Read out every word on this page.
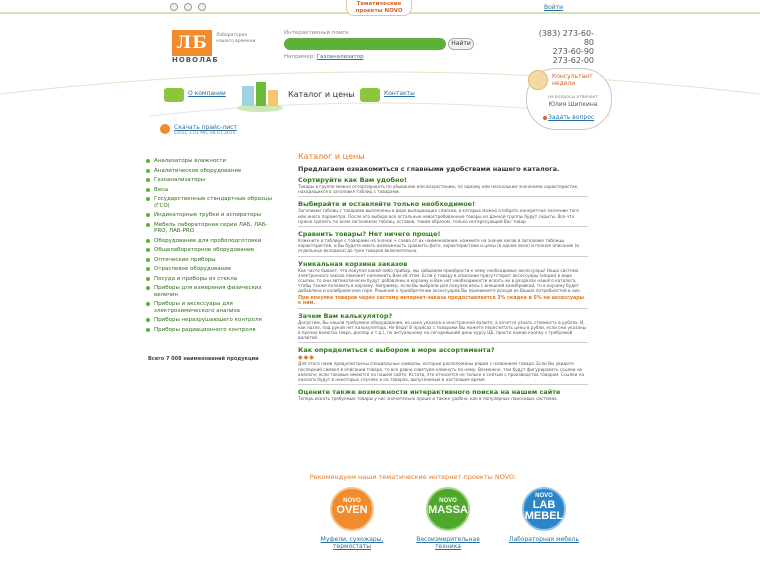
Тематические проекты NOVO	Войти
ЛБ
НОВОЛАБ
Лаборатория нашего времени
Интерактивный поиск
Найти
Например: Газоанализатор
(383) 273-60-80
273-60-90
273-62-00
О компании	Каталог и цены	Контакты
Консультант недели
на вопросы отвечает
Юлия Шипкина
Задать вопрос
Скачать прайс-лист
Excel, 3.01 Мб, 08.01.2010
Анализаторы влажности
Аналитическое оборудование
Газоанализаторы
Весы
Государственные стандартные образцы (ГСО)
Индикаторные трубки и аспираторы
Мебель лабораторная серии ЛАБ, ЛАБ-PRO, ЛАБ-PRO
Оборудование для пробоподготовки
Общелабораторное оборудование
Оптические приборы
Отраслевое оборудование
Посуда и приборы из стекла
Приборы для измерения физических величин
Приборы и аксессуары для электрохимического анализа
Приборы неразрушающего контроля
Приборы радиационного контроля
Всего 7 008 наименований продукции
Каталог и цены
Предлагаем ознакомиться с главными удобствами нашего каталога.
Сортируйте как Вам удобно!
Товары в группе можно отсортировать по убыванию или возрастанию, по одному или нескольким значениям характеристик, находящихся в заголовке таблиц с товарами.
Выбирайте и оставляйте только необходимое!
Заголовки таблиц с товарами выполнены в виде выпадающих списков, в которых можно отобрать конкретное значение того или иного параметра. После его выбора все остальные невостребованные товары из данной группы будут скрыты. Все что нужно сделать по всем заголовкам таблиц, оставив, таким образом, только интересующий Вас товар.
Сравнить товары? Нет ничего проще!
Кликните в таблице с товарами на значок + слева от их наименования, нажмите на значок весов в заголовке таблицы характеристик, и Вы будете иметь возможность сравнить фото, характеристики и цены (в одном окне) и полное описание (в отдельных вкладках) до трех товаров включительно.
Уникальная корзина заказов
Как часто бывает, что покупая какой-либо прибор, мы забываем приобрести к нему необходимые аксессуары! Наша система электронного заказа поможет напомнить Вам об этом. Если к товару в описании присутствуют аксессуары (опции) в виде ссылки, то они автоматически будут добавлены в корзину и Вам нет необходимости искать их в разделах нашего каталога, чтобы также положить в корзину. Например, если Вы выбрали для покупки весы с внешней калибровкой, то в корзину будет добавлена и калибровочная гиря. Решение о приобретении аксессуаров Вы принимаете исходя из Ваших потребностей в них.
При покупке товаров через систему интернет-заказа предоставляется 3% скидка и 5% на аксессуары к ним.
Зачем Вам калькулятор?
Допустим, Вы нашли требуемое оборудование, но цена указана в иностранной валюте, а хочется узнать стоимость в рублях. И, как назло, под рукой нет калькулятора. Не беда! В прайсах с товарами Вы можете пересчитать цены в рубли, если они указаны в прочих валютах (евро, доллар и т.д.), по актуальному на сегодняшний день курсу ЦБ, просто нажав кнопку с требуемой валютой.
Как определиться с выбором в море ассортимента?
◆◆◆
Для этого нами предусмотрены специальные символы, которые расположены рядом с названием товара: Если Вы увидите последний символ в описании товара, то все равно советуем кликнуть по нему. Возможно, там будут фигурировать ссылки на аналоги, если таковые имеются на нашем сайте. Кстати, это относится не только к снятым с производства товарам. Ссылки на аналоги будут в некоторых случаях и на товарах, выпускаемые в настоящее время.
Оцените также возможности интерактивного поиска на нашем сайте
Теперь искать требуемые товары у нас значительно проще и также удобно, как в популярных поисковых системах.
Рекомендуем наши тематические интернет-проекты NOVO:
NOVO
OVEN
Муфели, сухожары, термостаты
NOVO
MASSA
Весоизмерительная техника
NOVO
LAB MEBEL
Лабораторная мебель
